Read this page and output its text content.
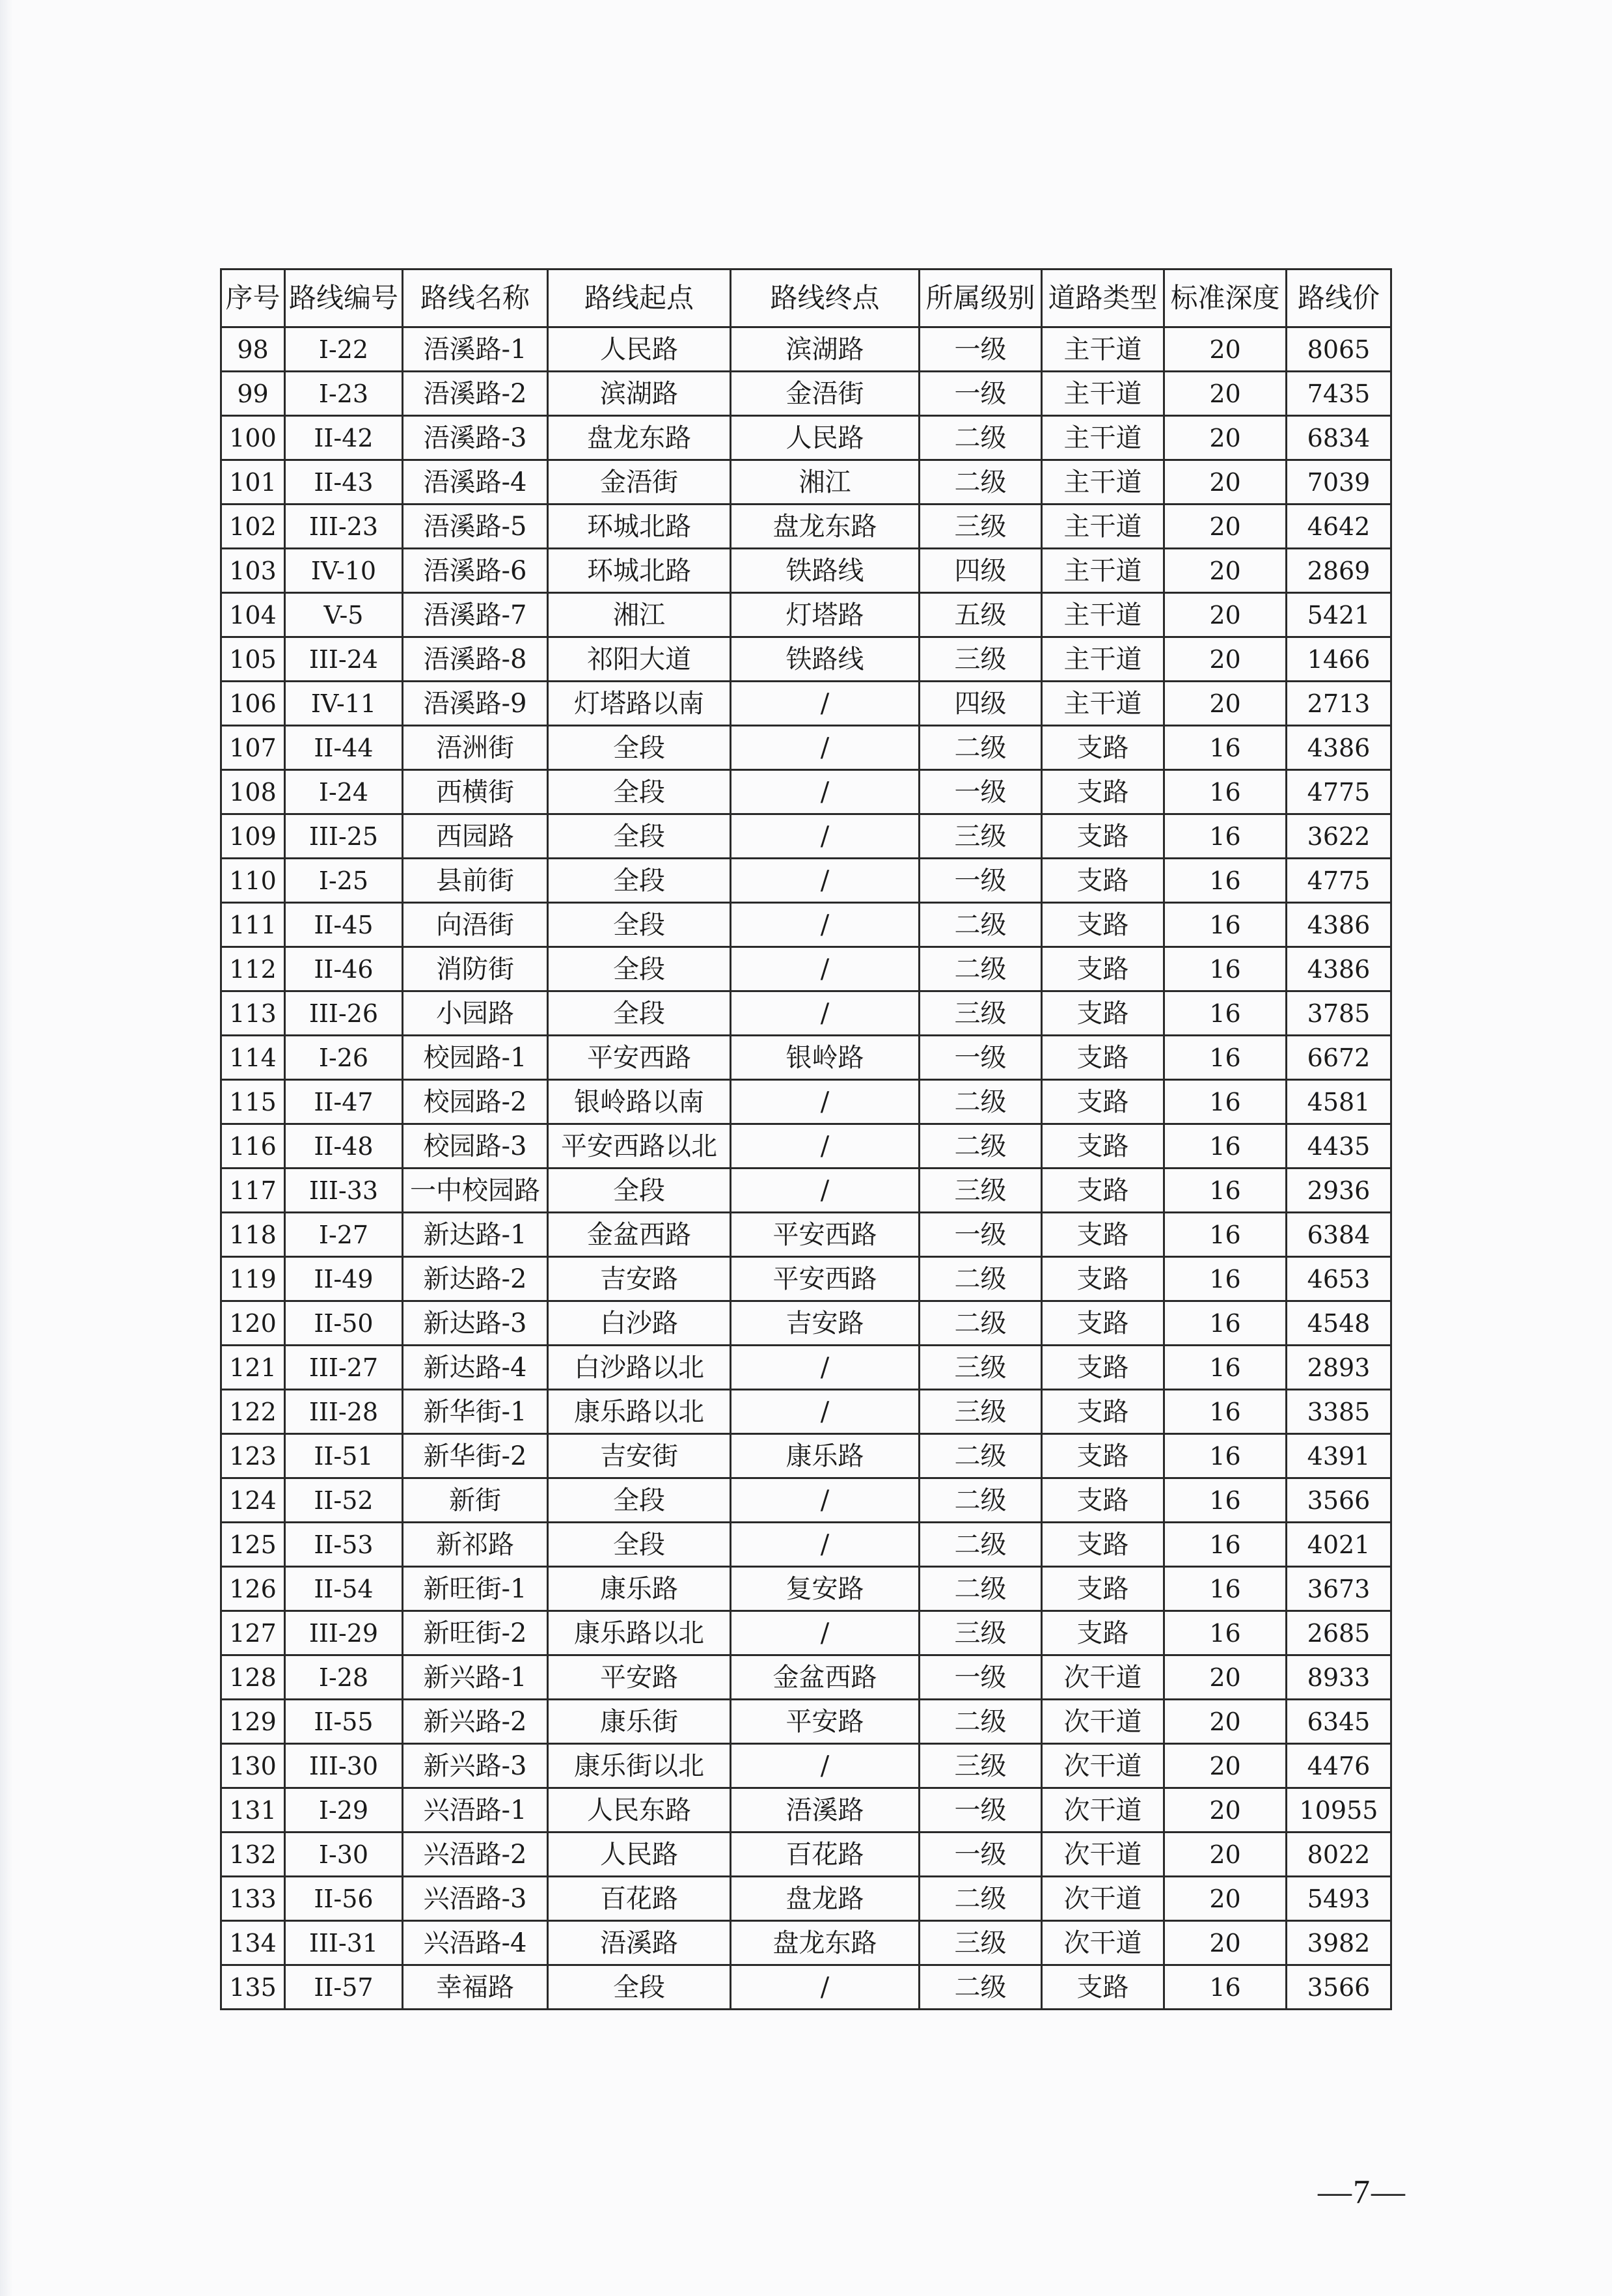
序号	路线编号	路线名称	路线起点	路线终点	所属级别	道路类型	标准深度	路线价
98	I-22	浯溪路-1	人民路	滨湖路	一级	主干道	20	8065
99	I-23	浯溪路-2	滨湖路	金浯街	一级	主干道	20	7435
100	II-42	浯溪路-3	盘龙东路	人民路	二级	主干道	20	6834
101	II-43	浯溪路-4	金浯街	湘江	二级	主干道	20	7039
102	III-23	浯溪路-5	环城北路	盘龙东路	三级	主干道	20	4642
103	IV-10	浯溪路-6	环城北路	铁路线	四级	主干道	20	2869
104	V-5	浯溪路-7	湘江	灯塔路	五级	主干道	20	5421
105	III-24	浯溪路-8	祁阳大道	铁路线	三级	主干道	20	1466
106	IV-11	浯溪路-9	灯塔路以南	/	四级	主干道	20	2713
107	II-44	浯洲街	全段	/	二级	支路	16	4386
108	I-24	西横街	全段	/	一级	支路	16	4775
109	III-25	西园路	全段	/	三级	支路	16	3622
110	I-25	县前街	全段	/	一级	支路	16	4775
111	II-45	向浯街	全段	/	二级	支路	16	4386
112	II-46	消防街	全段	/	二级	支路	16	4386
113	III-26	小园路	全段	/	三级	支路	16	3785
114	I-26	校园路-1	平安西路	银岭路	一级	支路	16	6672
115	II-47	校园路-2	银岭路以南	/	二级	支路	16	4581
116	II-48	校园路-3	平安西路以北	/	二级	支路	16	4435
117	III-33	一中校园路	全段	/	三级	支路	16	2936
118	I-27	新达路-1	金盆西路	平安西路	一级	支路	16	6384
119	II-49	新达路-2	吉安路	平安西路	二级	支路	16	4653
120	II-50	新达路-3	白沙路	吉安路	二级	支路	16	4548
121	III-27	新达路-4	白沙路以北	/	三级	支路	16	2893
122	III-28	新华街-1	康乐路以北	/	三级	支路	16	3385
123	II-51	新华街-2	吉安街	康乐路	二级	支路	16	4391
124	II-52	新街	全段	/	二级	支路	16	3566
125	II-53	新祁路	全段	/	二级	支路	16	4021
126	II-54	新旺街-1	康乐路	复安路	二级	支路	16	3673
127	III-29	新旺街-2	康乐路以北	/	三级	支路	16	2685
128	I-28	新兴路-1	平安路	金盆西路	一级	次干道	20	8933
129	II-55	新兴路-2	康乐街	平安路	二级	次干道	20	6345
130	III-30	新兴路-3	康乐街以北	/	三级	次干道	20	4476
131	I-29	兴浯路-1	人民东路	浯溪路	一级	次干道	20	10955
132	I-30	兴浯路-2	人民路	百花路	一级	次干道	20	8022
133	II-56	兴浯路-3	百花路	盘龙路	二级	次干道	20	5493
134	III-31	兴浯路-4	浯溪路	盘龙东路	三级	次干道	20	3982
135	II-57	幸福路	全段	/	二级	支路	16	3566
—7—
